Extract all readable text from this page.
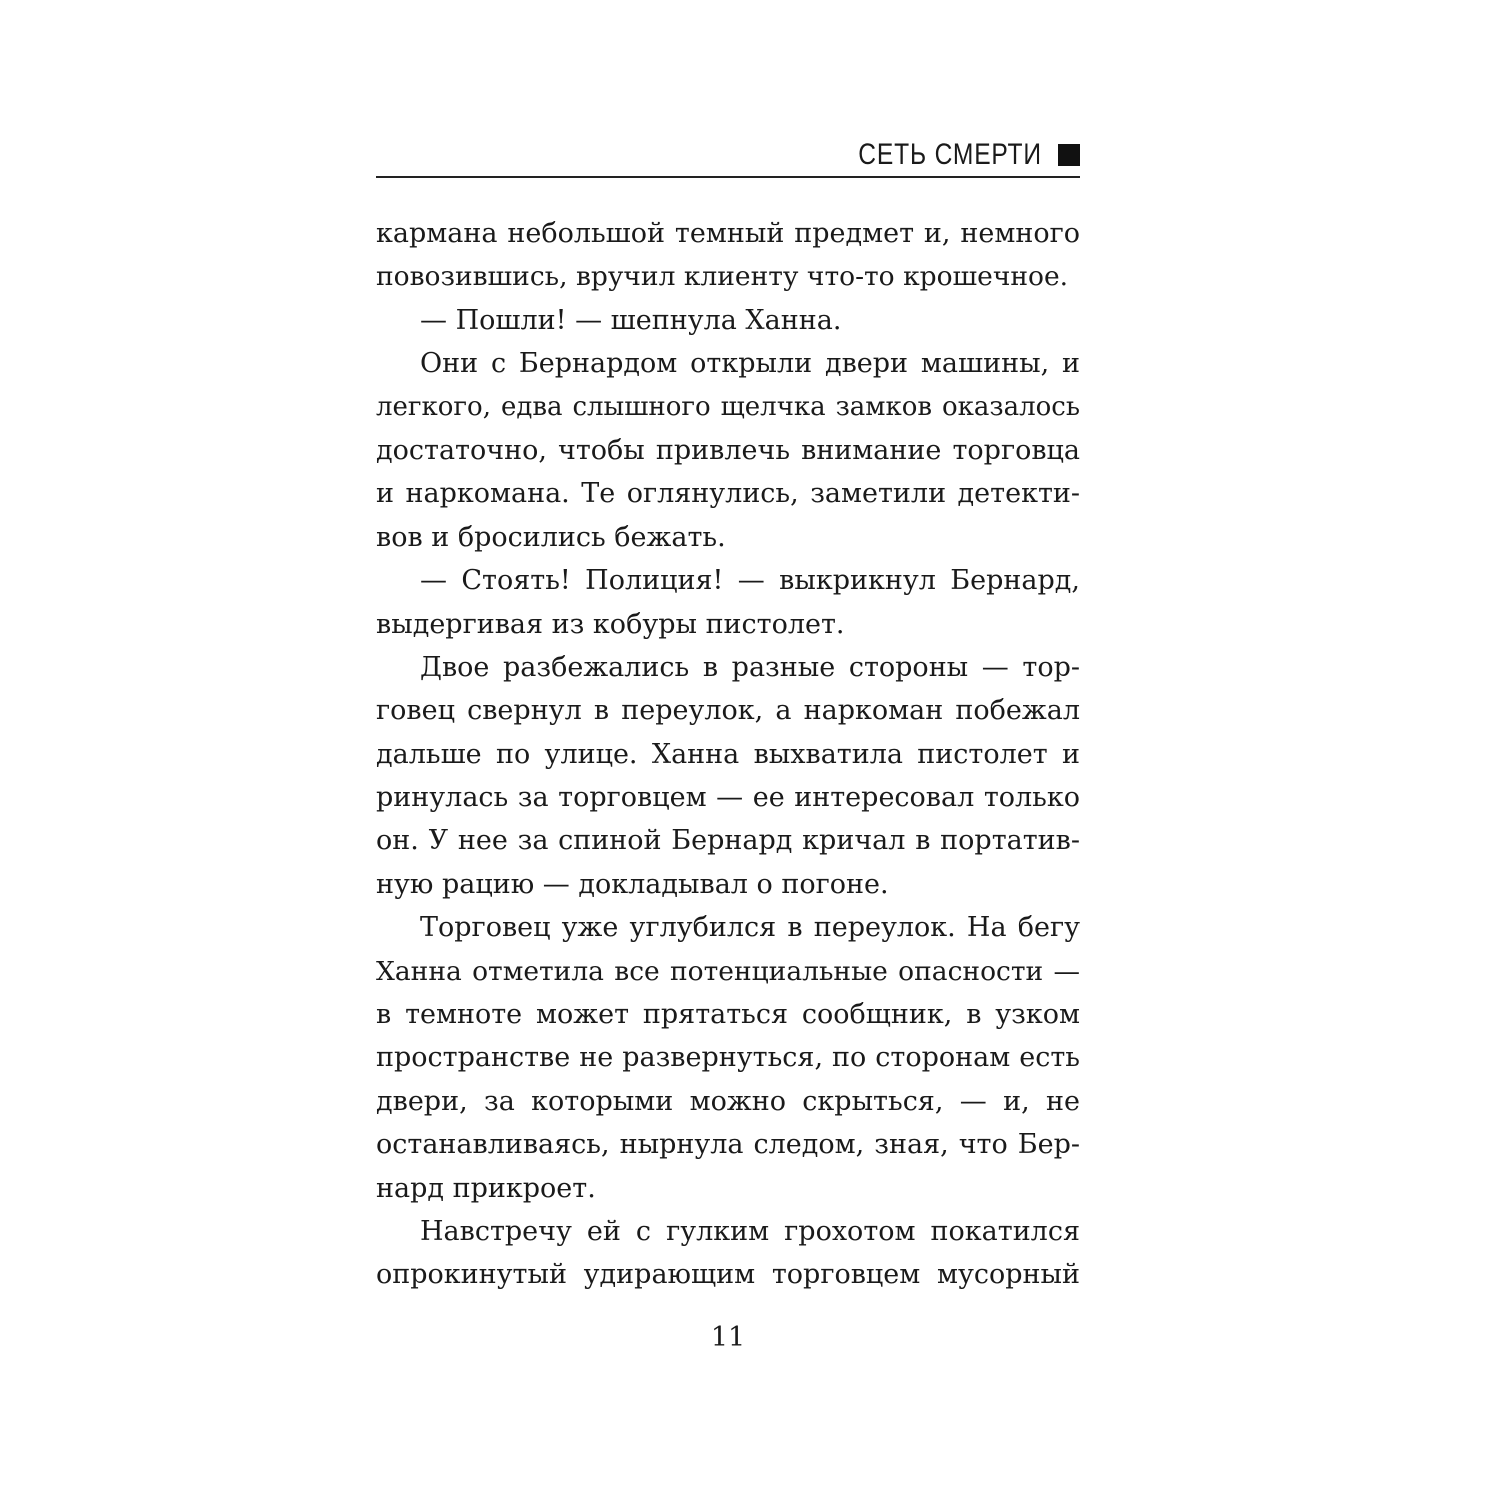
СЕТЬ СМЕРТИ
кармана небольшой темный предмет и, немного
повозившись, вручил клиенту что-то крошечное.
— Пошли! — шепнула Ханна.
Они с Бернардом открыли двери машины, и
легкого, едва слышного щелчка замков оказалось
достаточно, чтобы привлечь внимание торговца
и наркомана. Те оглянулись, заметили детекти-
вов и бросились бежать.
— Стоять! Полиция! — выкрикнул Бернард,
выдергивая из кобуры пистолет.
Двое разбежались в разные стороны — тор-
говец свернул в переулок, а наркоман побежал
дальше по улице. Ханна выхватила пистолет и
ринулась за торговцем — ее интересовал только
он. У нее за спиной Бернард кричал в портатив-
ную рацию — докладывал о погоне.
Торговец уже углубился в переулок. На бегу
Ханна отметила все потенциальные опасности —
в темноте может прятаться сообщник, в узком
пространстве не развернуться, по сторонам есть
двери, за которыми можно скрыться, — и, не
останавливаясь, нырнула следом, зная, что Бер-
нард прикроет.
Навстречу ей с гулким грохотом покатился
опрокинутый удирающим торговцем мусорный
11
